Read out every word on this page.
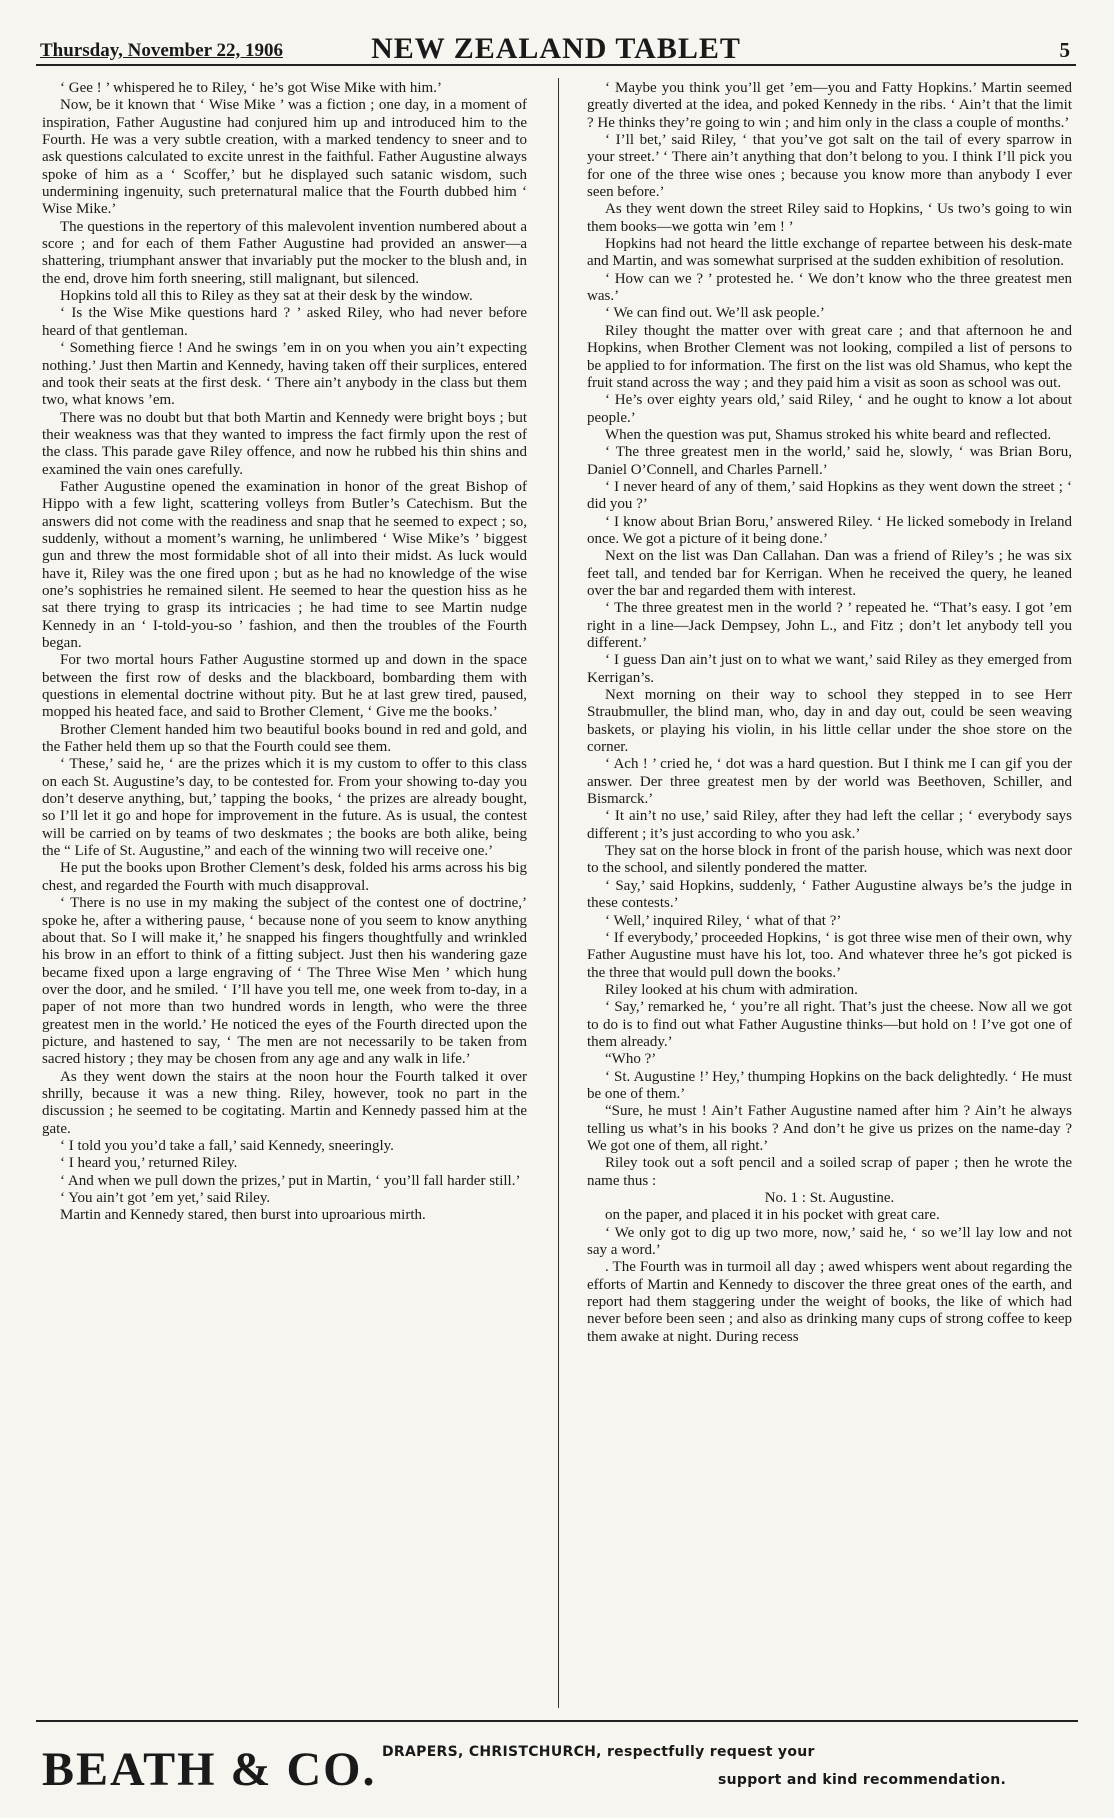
Thursday, November 22, 1906	NEW ZEALAND TABLET	5

‘ Gee ! ’ whispered he to Riley, ‘ he’s got Wise Mike with him.’

Now, be it known that ‘ Wise Mike ’ was a fiction ; one day, in a moment of inspiration, Father Augustine had conjured him up and introduced him to the Fourth. He was a very subtle creation, with a marked tendency to sneer and to ask questions calculated to excite unrest in the faithful. Father Augustine always spoke of him as a ‘ Scoffer,’ but he displayed such satanic wisdom, such undermining ingenuity, such preternatural malice that the Fourth dubbed him ‘ Wise Mike.’

The questions in the repertory of this malevolent invention numbered about a score ; and for each of them Father Augustine had provided an answer—a shattering, triumphant answer that invariably put the mocker to the blush and, in the end, drove him forth sneering, still malignant, but silenced.

Hopkins told all this to Riley as they sat at their desk by the window.

‘ Is the Wise Mike questions hard ? ’ asked Riley, who had never before heard of that gentleman.

‘ Something fierce ! And he swings ’em in on you when you ain’t expecting nothing.’ Just then Martin and Kennedy, having taken off their surplices, entered and took their seats at the first desk. ‘ There ain’t anybody in the class but them two, what knows ’em.

There was no doubt but that both Martin and Kennedy were bright boys ; but their weakness was that they wanted to impress the fact firmly upon the rest of the class. This parade gave Riley offence, and now he rubbed his thin shins and examined the vain ones carefully.

Father Augustine opened the examination in honor of the great Bishop of Hippo with a few light, scattering volleys from Butler’s Catechism. But the answers did not come with the readiness and snap that he seemed to expect ; so, suddenly, without a moment’s warning, he unlimbered ‘ Wise Mike’s ’ biggest gun and threw the most formidable shot of all into their midst. As luck would have it, Riley was the one fired upon ; but as he had no knowledge of the wise one’s sophistries he remained silent. He seemed to hear the question hiss as he sat there trying to grasp its intricacies ; he had time to see Martin nudge Kennedy in an ‘ I-told-you-so ’ fashion, and then the troubles of the Fourth began.

For two mortal hours Father Augustine stormed up and down in the space between the first row of desks and the blackboard, bombarding them with questions in elemental doctrine without pity. But he at last grew tired, paused, mopped his heated face, and said to Brother Clement, ‘ Give me the books.’

Brother Clement handed him two beautiful books bound in red and gold, and the Father held them up so that the Fourth could see them.

‘ These,’ said he, ‘ are the prizes which it is my custom to offer to this class on each St. Augustine’s day, to be contested for. From your showing to-day you don’t deserve anything, but,’ tapping the books, ‘ the prizes are already bought, so I’ll let it go and hope for improvement in the future. As is usual, the contest will be carried on by teams of two deskmates ; the books are both alike, being the “ Life of St. Augustine,” and each of the winning two will receive one.’

He put the books upon Brother Clement’s desk, folded his arms across his big chest, and regarded the Fourth with much disapproval.

‘ There is no use in my making the subject of the contest one of doctrine,’ spoke he, after a withering pause, ‘ because none of you seem to know anything about that. So I will make it,’ he snapped his fingers thoughtfully and wrinkled his brow in an effort to think of a fitting subject. Just then his wandering gaze became fixed upon a large engraving of ‘ The Three Wise Men ’ which hung over the door, and he smiled. ‘ I’ll have you tell me, one week from to-day, in a paper of not more than two hundred words in length, who were the three greatest men in the world.’ He noticed the eyes of the Fourth directed upon the picture, and hastened to say, ‘ The men are not necessarily to be taken from sacred history ; they may be chosen from any age and any walk in life.’

As they went down the stairs at the noon hour the Fourth talked it over shrilly, because it was a new thing. Riley, however, took no part in the discussion ; he seemed to be cogitating. Martin and Kennedy passed him at the gate.

‘ I told you you’d take a fall,’ said Kennedy, sneeringly.

‘ I heard you,’ returned Riley.

‘ And when we pull down the prizes,’ put in Martin, ‘ you’ll fall harder still.’

‘ You ain’t got ’em yet,’ said Riley.

Martin and Kennedy stared, then burst into uproarious mirth.

‘ Maybe you think you’ll get ’em—you and Fatty Hopkins.’ Martin seemed greatly diverted at the idea, and poked Kennedy in the ribs. ‘ Ain’t that the limit ? He thinks they’re going to win ; and him only in the class a couple of months.’

‘ I’ll bet,’ said Riley, ‘ that you’ve got salt on the tail of every sparrow in your street.’ ‘ There ain’t anything that don’t belong to you. I think I’ll pick you for one of the three wise ones ; because you know more than anybody I ever seen before.’

As they went down the street Riley said to Hopkins, ‘ Us two’s going to win them books—we gotta win ’em ! ’

Hopkins had not heard the little exchange of repartee between his desk-mate and Martin, and was somewhat surprised at the sudden exhibition of resolution.

‘ How can we ? ’ protested he. ‘ We don’t know who the three greatest men was.’

‘ We can find out. We’ll ask people.’

Riley thought the matter over with great care ; and that afternoon he and Hopkins, when Brother Clement was not looking, compiled a list of persons to be applied to for information. The first on the list was old Shamus, who kept the fruit stand across the way ; and they paid him a visit as soon as school was out.

‘ He’s over eighty years old,’ said Riley, ‘ and he ought to know a lot about people.’

When the question was put, Shamus stroked his white beard and reflected.

‘ The three greatest men in the world,’ said he, slowly, ‘ was Brian Boru, Daniel O’Connell, and Charles Parnell.’

‘ I never heard of any of them,’ said Hopkins as they went down the street ; ‘ did you ?’

‘ I know about Brian Boru,’ answered Riley. ‘ He licked somebody in Ireland once. We got a picture of it being done.’

Next on the list was Dan Callahan. Dan was a friend of Riley’s ; he was six feet tall, and tended bar for Kerrigan. When he received the query, he leaned over the bar and regarded them with interest.

‘ The three greatest men in the world ? ’ repeated he. “That’s easy. I got ’em right in a line—Jack Dempsey, John L., and Fitz ; don’t let anybody tell you different.’

‘ I guess Dan ain’t just on to what we want,’ said Riley as they emerged from Kerrigan’s.

Next morning on their way to school they stepped in to see Herr Straubmuller, the blind man, who, day in and day out, could be seen weaving baskets, or playing his violin, in his little cellar under the shoe store on the corner.

‘ Ach ! ’ cried he, ‘ dot was a hard question. But I think me I can gif you der answer. Der three greatest men by der world was Beethoven, Schiller, and Bismarck.’

‘ It ain’t no use,’ said Riley, after they had left the cellar ; ‘ everybody says different ; it’s just according to who you ask.’

They sat on the horse block in front of the parish house, which was next door to the school, and silently pondered the matter.

‘ Say,’ said Hopkins, suddenly, ‘ Father Augustine always be’s the judge in these contests.’

‘ Well,’ inquired Riley, ‘ what of that ?’

‘ If everybody,’ proceeded Hopkins, ‘ is got three wise men of their own, why Father Augustine must have his lot, too. And whatever three he’s got picked is the three that would pull down the books.’

Riley looked at his chum with admiration.

‘ Say,’ remarked he, ‘ you’re all right. That’s just the cheese. Now all we got to do is to find out what Father Augustine thinks—but hold on ! I’ve got one of them already.’

“Who ?’

‘ St. Augustine !’ Hey,’ thumping Hopkins on the back delightedly. ‘ He must be one of them.’

“Sure, he must ! Ain’t Father Augustine named after him ? Ain’t he always telling us what’s in his books ? And don’t he give us prizes on the name-day ? We got one of them, all right.’

Riley took out a soft pencil and a soiled scrap of paper ; then he wrote the name thus :

No. 1 : St. Augustine.

on the paper, and placed it in his pocket with great care.

‘ We only got to dig up two more, now,’ said he, ‘ so we’ll lay low and not say a word.’

. The Fourth was in turmoil all day ; awed whispers went about regarding the efforts of Martin and Kennedy to discover the three great ones of the earth, and report had them staggering under the weight of books, the like of which had never before been seen ; and also as drinking many cups of strong coffee to keep them awake at night. During recess

BEATH & CO. DRAPERS, CHRISTCHURCH, respectfully request your
support and kind recommendation.
